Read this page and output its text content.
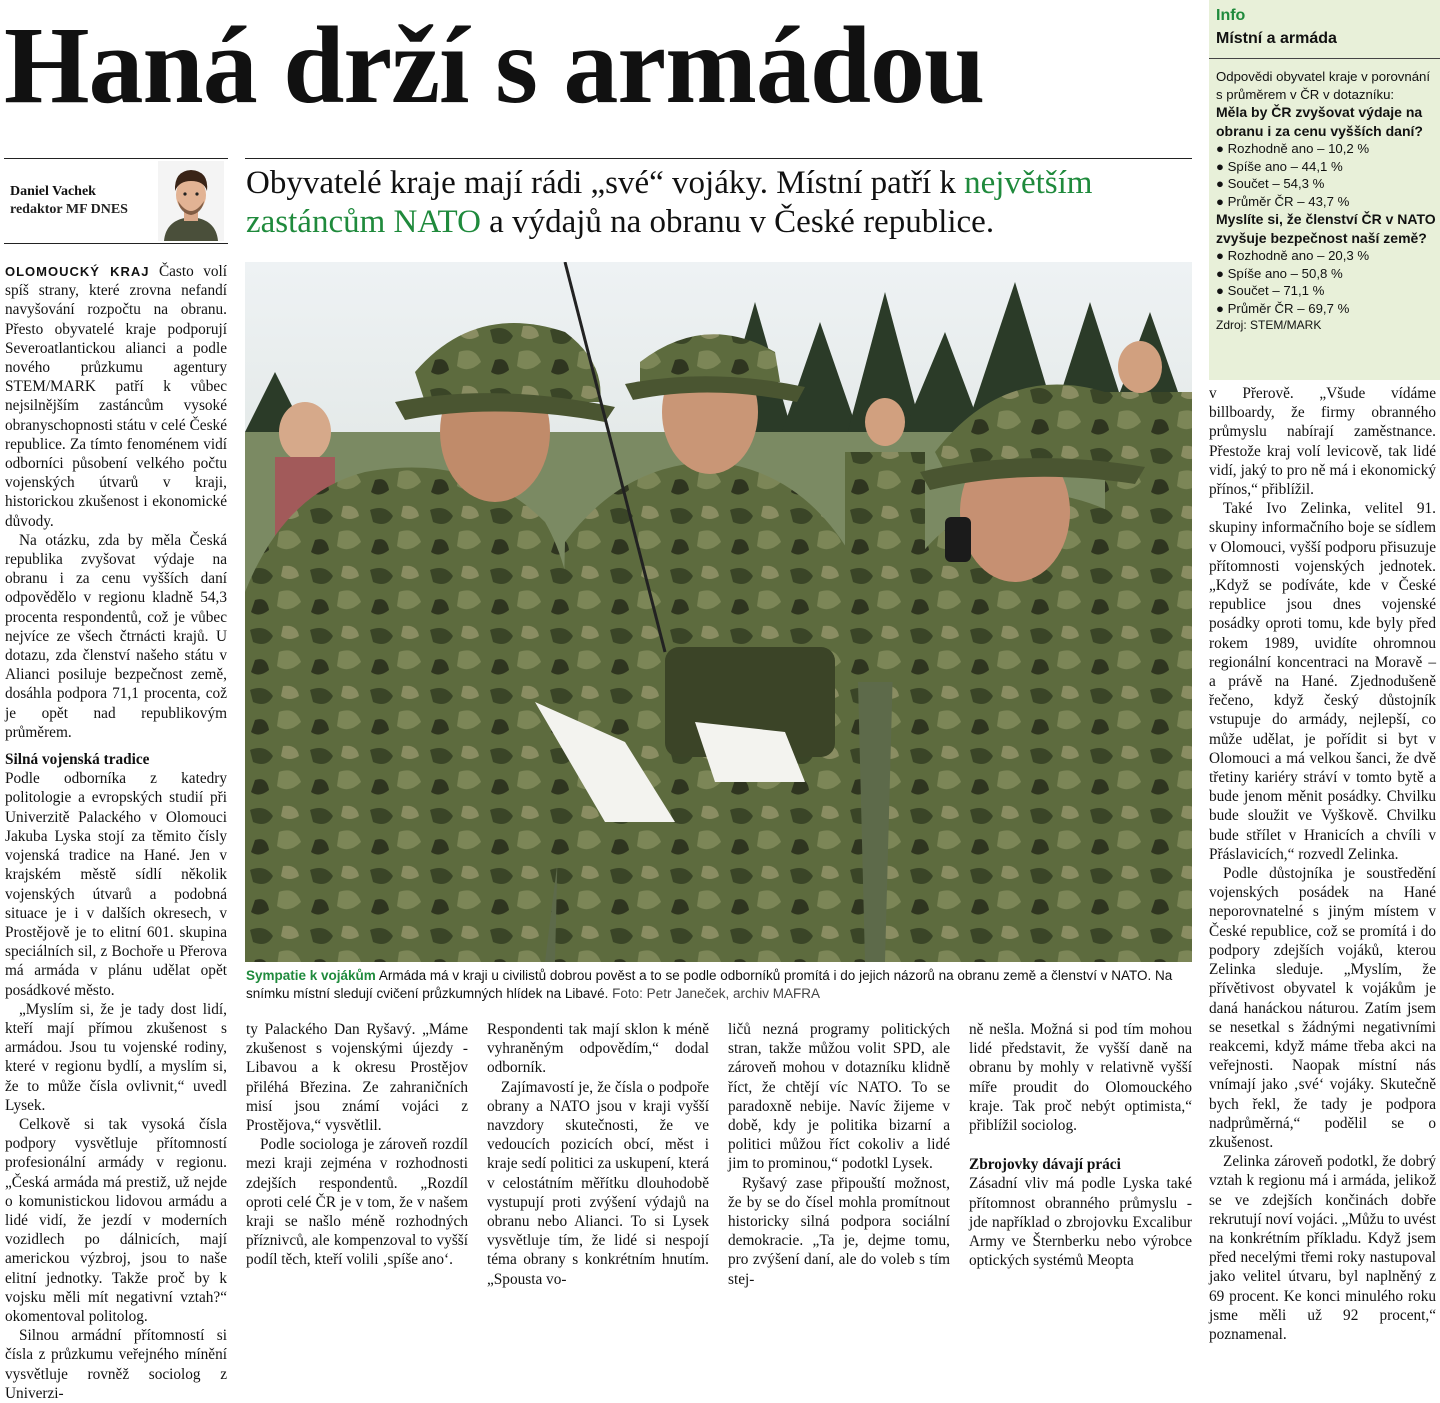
Haná drží s armádou
Daniel Vachek
redaktor MF DNES

Obyvatelé kraje mají rádi „své“ vojáky. Místní patří k největším zastáncům NATO a výdajů na obranu v České republice.

Info
Místní a armáda
Odpovědi obyvatel kraje v porovnání s průměrem v ČR v dotazníku:
Měla by ČR zvyšovat výdaje na obranu i za cenu vyšších daní?
● Rozhodně ano – 10,2 %
● Spíše ano – 44,1 %
● Součet – 54,3 %
● Průměr ČR – 43,7 %
Myslíte si, že členství ČR v NATO zvyšuje bezpečnost naší země?
● Rozhodně ano – 20,3 %
● Spíše ano – 50,8 %
● Součet – 71,1 %
● Průměr ČR – 69,7 %
Zdroj: STEM/MARK

OLOMOUCKÝ KRAJ Často volí spíš strany, které zrovna nefandí navyšování rozpočtu na obranu. Přesto obyvatelé kraje podporují Severoatlantickou alianci a podle nového průzkumu agentury STEM/MARK patří k vůbec nejsilnějším zastáncům vysoké obranyschopnosti státu v celé České republice. Za tímto fenoménem vidí odborníci působení velkého počtu vojenských útvarů v kraji, historickou zkušenost i ekonomické důvody.

Na otázku, zda by měla Česká republika zvyšovat výdaje na obranu i za cenu vyšších daní odpovědělo v regionu kladně 54,3 procenta respondentů, což je vůbec nejvíce ze všech čtrnácti krajů. U dotazu, zda členství našeho státu v Alianci posiluje bezpečnost země, dosáhla podpora 71,1 procenta, což je opět nad republikovým průměrem.

Silná vojenská tradice

Podle odborníka z katedry politologie a evropských studií při Univerzitě Palackého v Olomouci Jakuba Lyska stojí za těmito čísly vojenská tradice na Hané. Jen v krajském městě sídlí několik vojenských útvarů a podobná situace je i v dalších okresech, v Prostějově je to elitní 601. skupina speciálních sil, z Bochoře u Přerova má armáda v plánu udělat opět posádkové město.

„Myslím si, že je tady dost lidí, kteří mají přímou zkušenost s armádou. Jsou tu vojenské rodiny, které v regionu bydlí, a myslím si, že to může čísla ovlivnit,“ uvedl Lysek.

Celkově si tak vysoká čísla podpory vysvětluje přítomností profesionální armády v regionu. „Česká armáda má prestiž, už nejde o komunistickou lidovou armádu a lidé vidí, že jezdí v moderních vozidlech po dálnicích, mají americkou výzbroj, jsou to naše elitní jednotky. Takže proč by k vojsku měli mít negativní vztah?“ okomentoval politolog.

Silnou armádní přítomností si čísla z průzkumu veřejného mínění vysvětluje rovněž sociolog z Univerzi-

Sympatie k vojákům Armáda má v kraji u civilistů dobrou pověst a to se podle odborníků promítá i do jejich názorů na obranu země a členství v NATO. Na snímku místní sledují cvičení průzkumných hlídek na Libavé. Foto: Petr Janeček, archiv MAFRA

ty Palackého Dan Ryšavý. „Máme zkušenost s vojenskými újezdy - Libavou a k okresu Prostějov přiléhá Březina. Ze zahraničních misí jsou známí vojáci z Prostějova,“ vysvětlil.

Podle sociologa je zároveň rozdíl mezi kraji zejména v rozhodnosti zdejších respondentů. „Rozdíl oproti celé ČR je v tom, že v našem kraji se našlo méně rozhodných příznivců, ale kompenzoval to vyšší podíl těch, kteří volili ‚spíše ano‘.

Respondenti tak mají sklon k méně vyhraněným odpovědím,“ dodal odborník.

Zajímavostí je, že čísla o podpoře obrany a NATO jsou v kraji vyšší navzdory skutečnosti, že ve vedoucích pozicích obcí, měst i kraje sedí politici za uskupení, která v celostátním měřítku dlouhodobě vystupují proti zvýšení výdajů na obranu nebo Alianci. To si Lysek vysvětluje tím, že lidé si nespojí téma obrany s konkrétním hnutím. „Spousta vo-

ličů nezná programy politických stran, takže můžou volit SPD, ale zároveň mohou v dotazníku klidně říct, že chtějí víc NATO. To se paradoxně nebije. Navíc žijeme v době, kdy je politika bizarní a politici můžou říct cokoliv a lidé jim to prominou,“ podotkl Lysek.

Ryšavý zase připouští možnost, že by se do čísel mohla promítnout historicky silná podpora sociální demokracie. „Ta je, dejme tomu, pro zvýšení daní, ale do voleb s tím stej-

ně nešla. Možná si pod tím mohou lidé představit, že vyšší daně na obranu by mohly v relativně vyšší míře proudit do Olomouckého kraje. Tak proč nebýt optimista,“ přiblížil sociolog.

Zbrojovky dávají práci

Zásadní vliv má podle Lyska také přítomnost obranného průmyslu - jde například o zbrojovku Excalibur Army ve Šternberku nebo výrobce optických systémů Meopta

v Přerově. „Všude vídáme billboardy, že firmy obranného průmyslu nabírají zaměstnance. Přestože kraj volí levicově, tak lidé vidí, jaký to pro ně má i ekonomický přínos,“ přiblížil.

Také Ivo Zelinka, velitel 91. skupiny informačního boje se sídlem v Olomouci, vyšší podporu přisuzuje přítomnosti vojenských jednotek. „Když se podíváte, kde v České republice jsou dnes vojenské posádky oproti tomu, kde byly před rokem 1989, uvidíte ohromnou regionální koncentraci na Moravě – a právě na Hané. Zjednodušeně řečeno, když český důstojník vstupuje do armády, nejlepší, co může udělat, je pořídit si byt v Olomouci a má velkou šanci, že dvě třetiny kariéry stráví v tomto bytě a bude jenom měnit posádky. Chvilku bude sloužit ve Vyškově. Chvilku bude střílet v Hranicích a chvíli v Přáslavicích,“ rozvedl Zelinka.

Podle důstojníka je soustředění vojenských posádek na Hané neporovnatelné s jiným místem v České republice, což se promítá i do podpory zdejších vojáků, kterou Zelinka sleduje. „Myslím, že přívětivost obyvatel k vojákům je daná hanáckou náturou. Zatím jsem se nesetkal s žádnými negativními reakcemi, když máme třeba akci na veřejnosti. Naopak místní nás vnímají jako ‚své‘ vojáky. Skutečně bych řekl, že tady je podpora nadprůměrná,“ podělil se o zkušenost.

Zelinka zároveň podotkl, že dobrý vztah k regionu má i armáda, jelikož se ve zdejších končinách dobře rekrutují noví vojáci. „Můžu to uvést na konkrétním příkladu. Když jsem před necelými třemi roky nastupoval jako velitel útvaru, byl naplněný z 69 procent. Ke konci minulého roku jsme měli už 92 procent,“ poznamenal.
